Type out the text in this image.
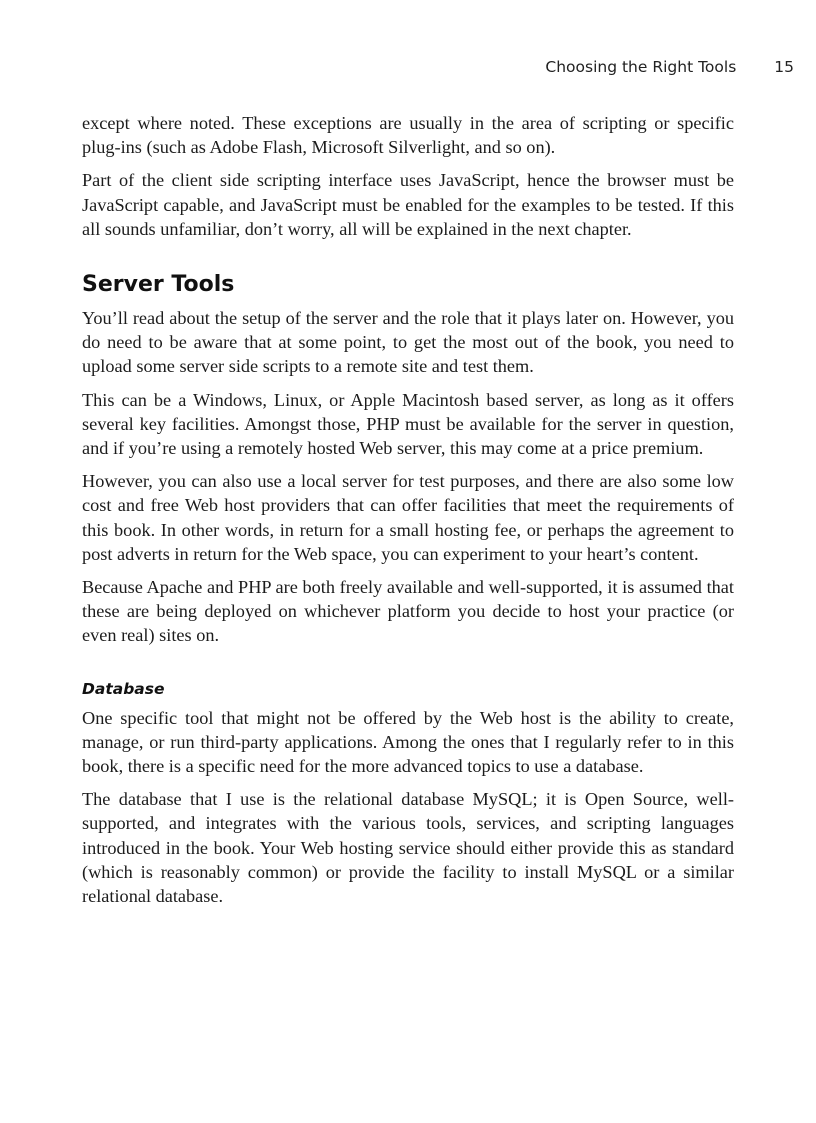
Choosing the Right Tools 15

except where noted. These exceptions are usually in the area of scripting or specific plug-ins (such as Adobe Flash, Microsoft Silverlight, and so on).

Part of the client side scripting interface uses JavaScript, hence the browser must be JavaScript capable, and JavaScript must be enabled for the examples to be tested. If this all sounds unfamiliar, don’t worry, all will be explained in the next chapter.

Server Tools

You’ll read about the setup of the server and the role that it plays later on. However, you do need to be aware that at some point, to get the most out of the book, you need to upload some server side scripts to a remote site and test them.

This can be a Windows, Linux, or Apple Macintosh based server, as long as it offers several key facilities. Amongst those, PHP must be available for the server in question, and if you’re using a remotely hosted Web server, this may come at a price premium.

However, you can also use a local server for test purposes, and there are also some low cost and free Web host providers that can offer facilities that meet the requirements of this book. In other words, in return for a small hosting fee, or perhaps the agreement to post adverts in return for the Web space, you can experiment to your heart’s content.

Because Apache and PHP are both freely available and well-supported, it is assumed that these are being deployed on whichever platform you decide to host your practice (or even real) sites on.

Database

One specific tool that might not be offered by the Web host is the ability to create, manage, or run third-party applications. Among the ones that I regularly refer to in this book, there is a specific need for the more advanced topics to use a database.

The database that I use is the relational database MySQL; it is Open Source, well-supported, and integrates with the various tools, services, and scripting languages introduced in the book. Your Web hosting service should either provide this as standard (which is reasonably common) or provide the facility to install MySQL or a similar relational database.
